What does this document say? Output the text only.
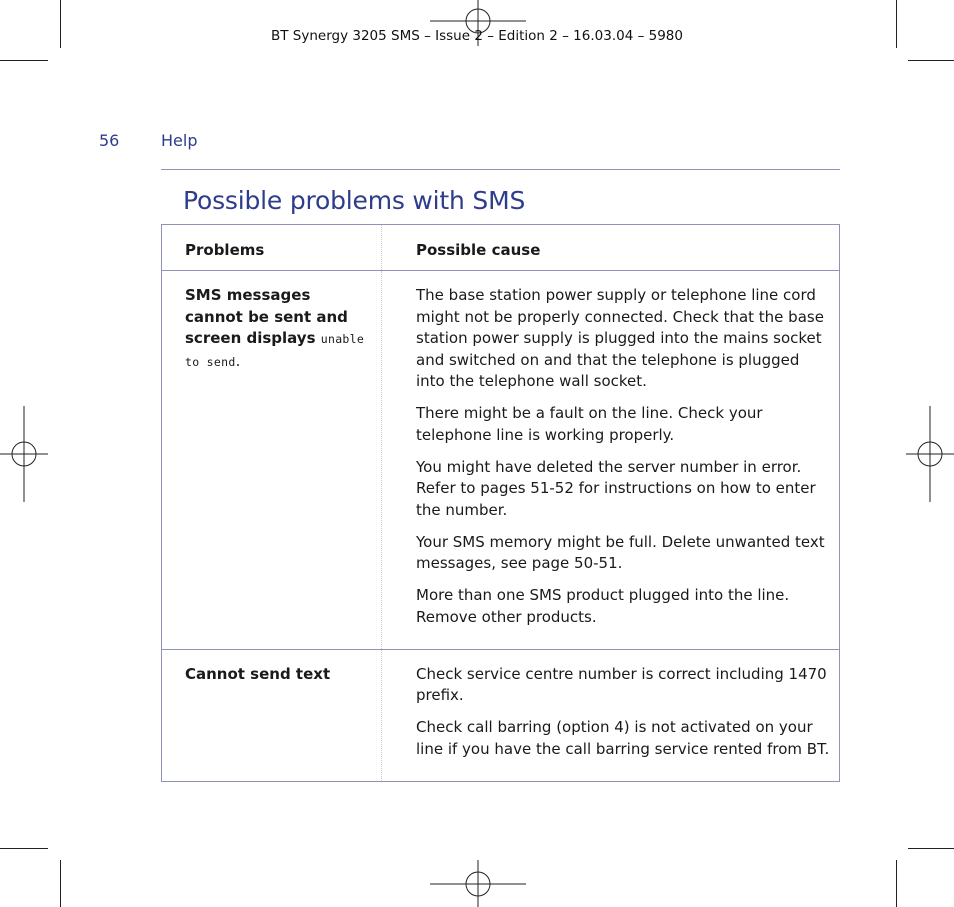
BT Synergy 3205 SMS – Issue 2 – Edition 2 – 16.03.04 – 5980
56	Help
Possible problems with SMS
Problems	Possible cause
SMS messages cannot be sent and screen displays unable to send.	The base station power supply or telephone line cord might not be properly connected. Check that the base station power supply is plugged into the mains socket and switched on and that the telephone is plugged into the telephone wall socket.

There might be a fault on the line. Check your telephone line is working properly.

You might have deleted the server number in error. Refer to pages 51-52 for instructions on how to enter the number.

Your SMS memory might be full. Delete unwanted text messages, see page 50-51.

More than one SMS product plugged into the line. Remove other products.

Cannot send text	Check service centre number is correct including 1470 prefix.

Check call barring (option 4) is not activated on your line if you have the call barring service rented from BT.
